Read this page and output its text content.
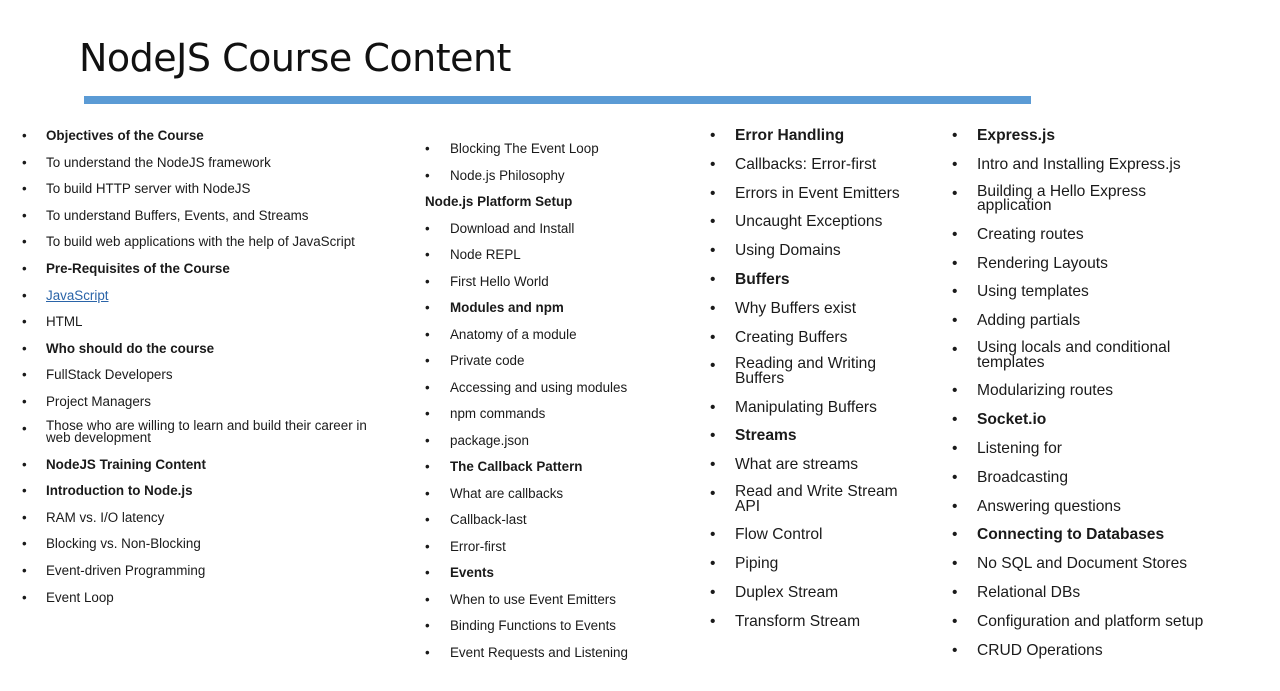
NodeJS Course Content
• Objectives of the Course
• To understand the NodeJS framework
• To build HTTP server with NodeJS
• To understand Buffers, Events, and Streams
• To build web applications with the help of JavaScript
• Pre-Requisites of the Course
• JavaScript
• HTML
• Who should do the course
• FullStack Developers
• Project Managers
• Those who are willing to learn and build their career in web development
• NodeJS Training Content
• Introduction to Node.js
• RAM vs. I/O latency
• Blocking vs. Non-Blocking
• Event-driven Programming
• Event Loop
• Blocking The Event Loop
• Node.js Philosophy
Node.js Platform Setup
• Download and Install
• Node REPL
• First Hello World
• Modules and npm
• Anatomy of a module
• Private code
• Accessing and using modules
• npm commands
• package.json
• The Callback Pattern
• What are callbacks
• Callback-last
• Error-first
• Events
• When to use Event Emitters
• Binding Functions to Events
• Event Requests and Listening
• Error Handling
• Callbacks: Error-first
• Errors in Event Emitters
• Uncaught Exceptions
• Using Domains
• Buffers
• Why Buffers exist
• Creating Buffers
• Reading and Writing Buffers
• Manipulating Buffers
• Streams
• What are streams
• Read and Write Stream API
• Flow Control
• Piping
• Duplex Stream
• Transform Stream
• Express.js
• Intro and Installing Express.js
• Building a Hello Express application
• Creating routes
• Rendering Layouts
• Using templates
• Adding partials
• Using locals and conditional templates
• Modularizing routes
• Socket.io
• Listening for
• Broadcasting
• Answering questions
• Connecting to Databases
• No SQL and Document Stores
• Relational DBs
• Configuration and platform setup
• CRUD Operations
